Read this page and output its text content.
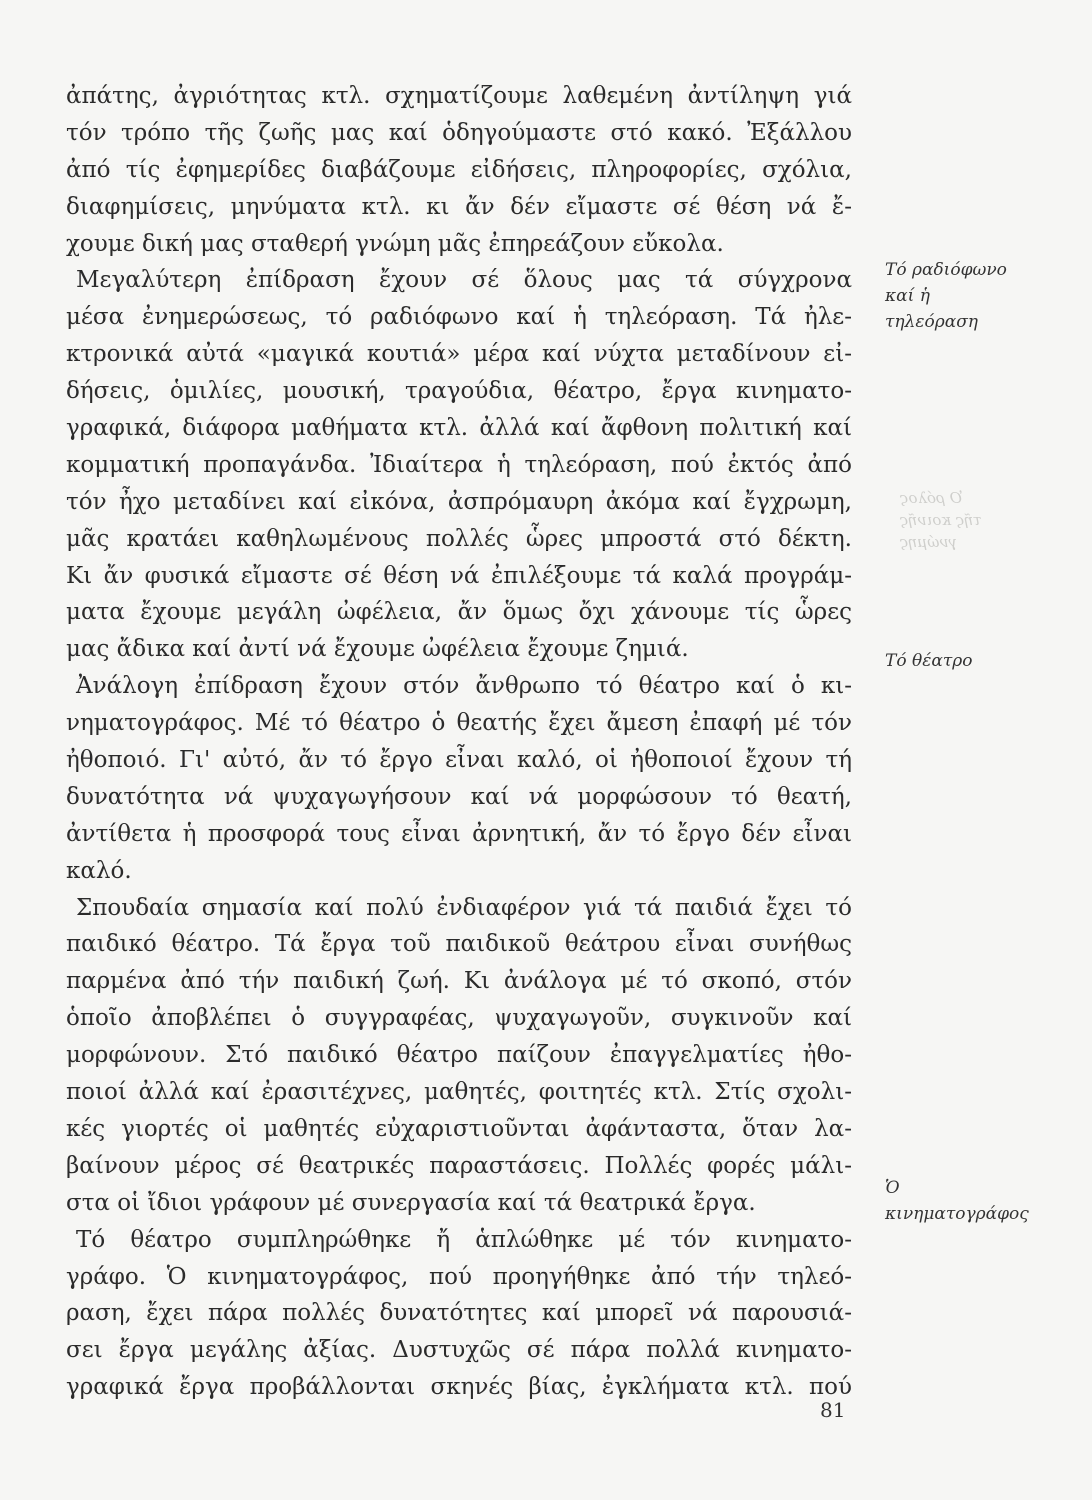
ἀπάτης, ἀγριότητας κτλ. σχηματίζουμε λαθεμένη ἀντίληψη γιά
τόν τρόπο τῆς ζωῆς μας καί ὁδηγούμαστε στό κακό. Ἐξάλλου
ἀπό τίς ἐφημερίδες διαβάζουμε εἰδήσεις, πληροφορίες, σχόλια,
διαφημίσεις, μηνύματα κτλ. κι ἄν δέν εἴμαστε σέ θέση νά ἔ-
χουμε δική μας σταθερή γνώμη μᾶς ἐπηρεάζουν εὔκολα.
Μεγαλύτερη ἐπίδραση ἔχουν σέ ὅλους μας τά σύγχρονα
μέσα ἐνημερώσεως, τό ραδιόφωνο καί ἡ τηλεόραση. Τά ἠλε-
κτρονικά αὐτά «μαγικά κουτιά» μέρα καί νύχτα μεταδίνουν εἰ-
δήσεις, ὁμιλίες, μουσική, τραγούδια, θέατρο, ἔργα κινηματο-
γραφικά, διάφορα μαθήματα κτλ. ἀλλά καί ἄφθονη πολιτική καί
κομματική προπαγάνδα. Ἰδιαίτερα ἡ τηλεόραση, πού ἐκτός ἀπό
τόν ἦχο μεταδίνει καί εἰκόνα, ἀσπρόμαυρη ἀκόμα καί ἔγχρωμη,
μᾶς κρατάει καθηλωμένους πολλές ὧρες μπροστά στό δέκτη.
Κι ἄν φυσικά εἴμαστε σέ θέση νά ἐπιλέξουμε τά καλά προγράμ-
ματα ἔχουμε μεγάλη ὠφέλεια, ἄν ὅμως ὄχι χάνουμε τίς ὧρες
μας ἄδικα καί ἀντί νά ἔχουμε ὠφέλεια ἔχουμε ζημιά.
Ἀνάλογη ἐπίδραση ἔχουν στόν ἄνθρωπο τό θέατρο καί ὁ κι-
νηματογράφος. Μέ τό θέατρο ὁ θεατής ἔχει ἄμεση ἐπαφή μέ τόν
ἠθοποιό. Γι' αὐτό, ἄν τό ἔργο εἶναι καλό, οἱ ἠθοποιοί ἔχουν τή
δυνατότητα νά ψυχαγωγήσουν καί νά μορφώσουν τό θεατή,
ἀντίθετα ἡ προσφορά τους εἶναι ἀρνητική, ἄν τό ἔργο δέν εἶναι
καλό.
Σπουδαία σημασία καί πολύ ἐνδιαφέρον γιά τά παιδιά ἔχει τό
παιδικό θέατρο. Τά ἔργα τοῦ παιδικοῦ θεάτρου εἶναι συνήθως
παρμένα ἀπό τήν παιδική ζωή. Κι ἀνάλογα μέ τό σκοπό, στόν
ὁποῖο ἀποβλέπει ὁ συγγραφέας, ψυχαγωγοῦν, συγκινοῦν καί
μορφώνουν. Στό παιδικό θέατρο παίζουν ἐπαγγελματίες ἠθο-
ποιοί ἀλλά καί ἐρασιτέχνες, μαθητές, φοιτητές κτλ. Στίς σχολι-
κές γιορτές οἱ μαθητές εὐχαριστιοῦνται ἀφάνταστα, ὅταν λα-
βαίνουν μέρος σέ θεατρικές παραστάσεις. Πολλές φορές μάλι-
στα οἱ ἴδιοι γράφουν μέ συνεργασία καί τά θεατρικά ἔργα.
Τό θέατρο συμπληρώθηκε ἤ ἁπλώθηκε μέ τόν κινηματο-
γράφο. Ὁ κινηματογράφος, πού προηγήθηκε ἀπό τήν τηλεό-
ραση, ἔχει πάρα πολλές δυνατότητες καί μπορεῖ νά παρουσιά-
σει ἔργα μεγάλης ἀξίας. Δυστυχῶς σέ πάρα πολλά κινηματο-
γραφικά ἔργα προβάλλονται σκηνές βίας, ἐγκλήματα κτλ. πού
Τό ραδιόφωνο
καί ἡ
τηλεόραση
Ὁ ρόλος
τῆς κοινῆς
γνώμης
Τό θέατρο
Ὁ
κινηματογράφος
81
